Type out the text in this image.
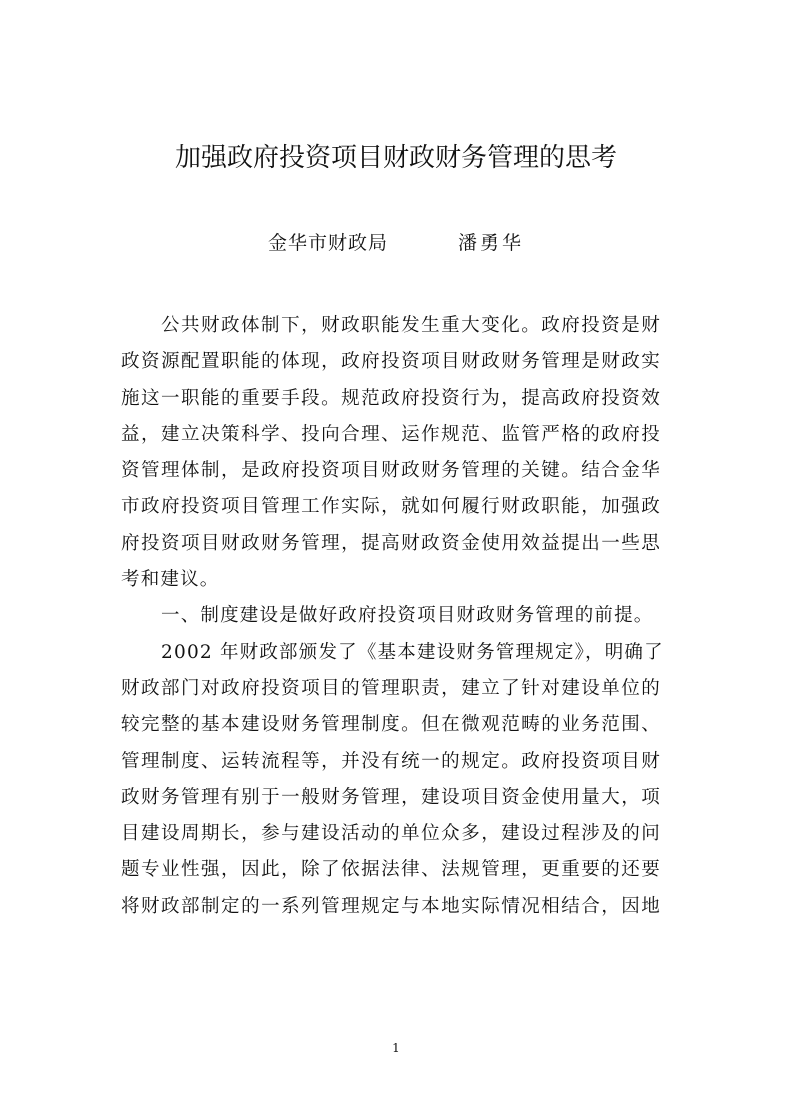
加强政府投资项目财政财务管理的思考
金华市财政局	潘勇华

公共财政体制下，财政职能发生重大变化。政府投资是财
政资源配置职能的体现，政府投资项目财政财务管理是财政实
施这一职能的重要手段。规范政府投资行为，提高政府投资效
益，建立决策科学、投向合理、运作规范、监管严格的政府投
资管理体制，是政府投资项目财政财务管理的关键。结合金华
市政府投资项目管理工作实际，就如何履行财政职能，加强政
府投资项目财政财务管理，提高财政资金使用效益提出一些思
考和建议。

一、制度建设是做好政府投资项目财政财务管理的前提。

2002 年财政部颁发了《基本建设财务管理规定》，明确了
财政部门对政府投资项目的管理职责，建立了针对建设单位的
较完整的基本建设财务管理制度。但在微观范畴的业务范围、
管理制度、运转流程等，并没有统一的规定。政府投资项目财
政财务管理有别于一般财务管理，建设项目资金使用量大，项
目建设周期长，参与建设活动的单位众多，建设过程涉及的问
题专业性强，因此，除了依据法律、法规管理，更重要的还要
将财政部制定的一系列管理规定与本地实际情况相结合，因地

1
